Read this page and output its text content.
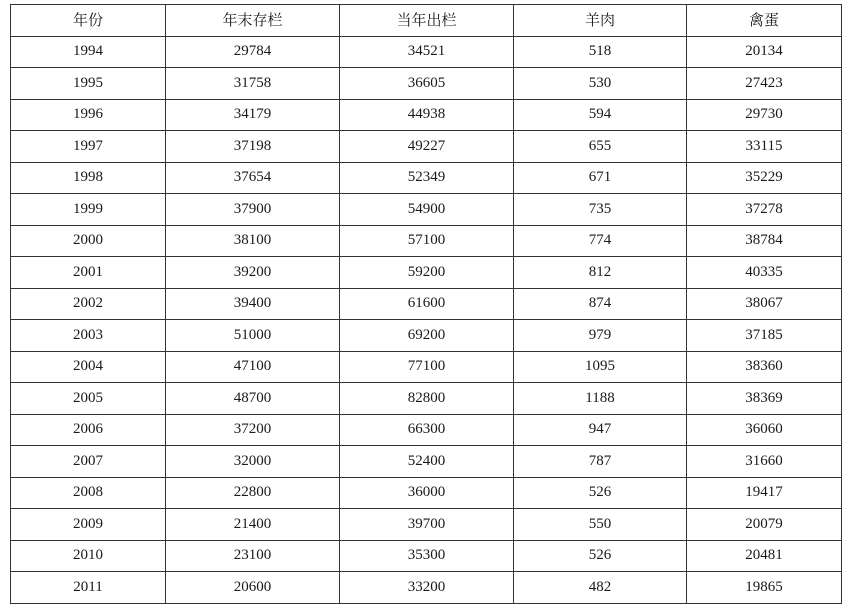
年份	年末存栏	当年出栏	羊肉	禽蛋
1994	29784	34521	518	20134
1995	31758	36605	530	27423
1996	34179	44938	594	29730
1997	37198	49227	655	33115
1998	37654	52349	671	35229
1999	37900	54900	735	37278
2000	38100	57100	774	38784
2001	39200	59200	812	40335
2002	39400	61600	874	38067
2003	51000	69200	979	37185
2004	47100	77100	1095	38360
2005	48700	82800	1188	38369
2006	37200	66300	947	36060
2007	32000	52400	787	31660
2008	22800	36000	526	19417
2009	21400	39700	550	20079
2010	23100	35300	526	20481
2011	20600	33200	482	19865
